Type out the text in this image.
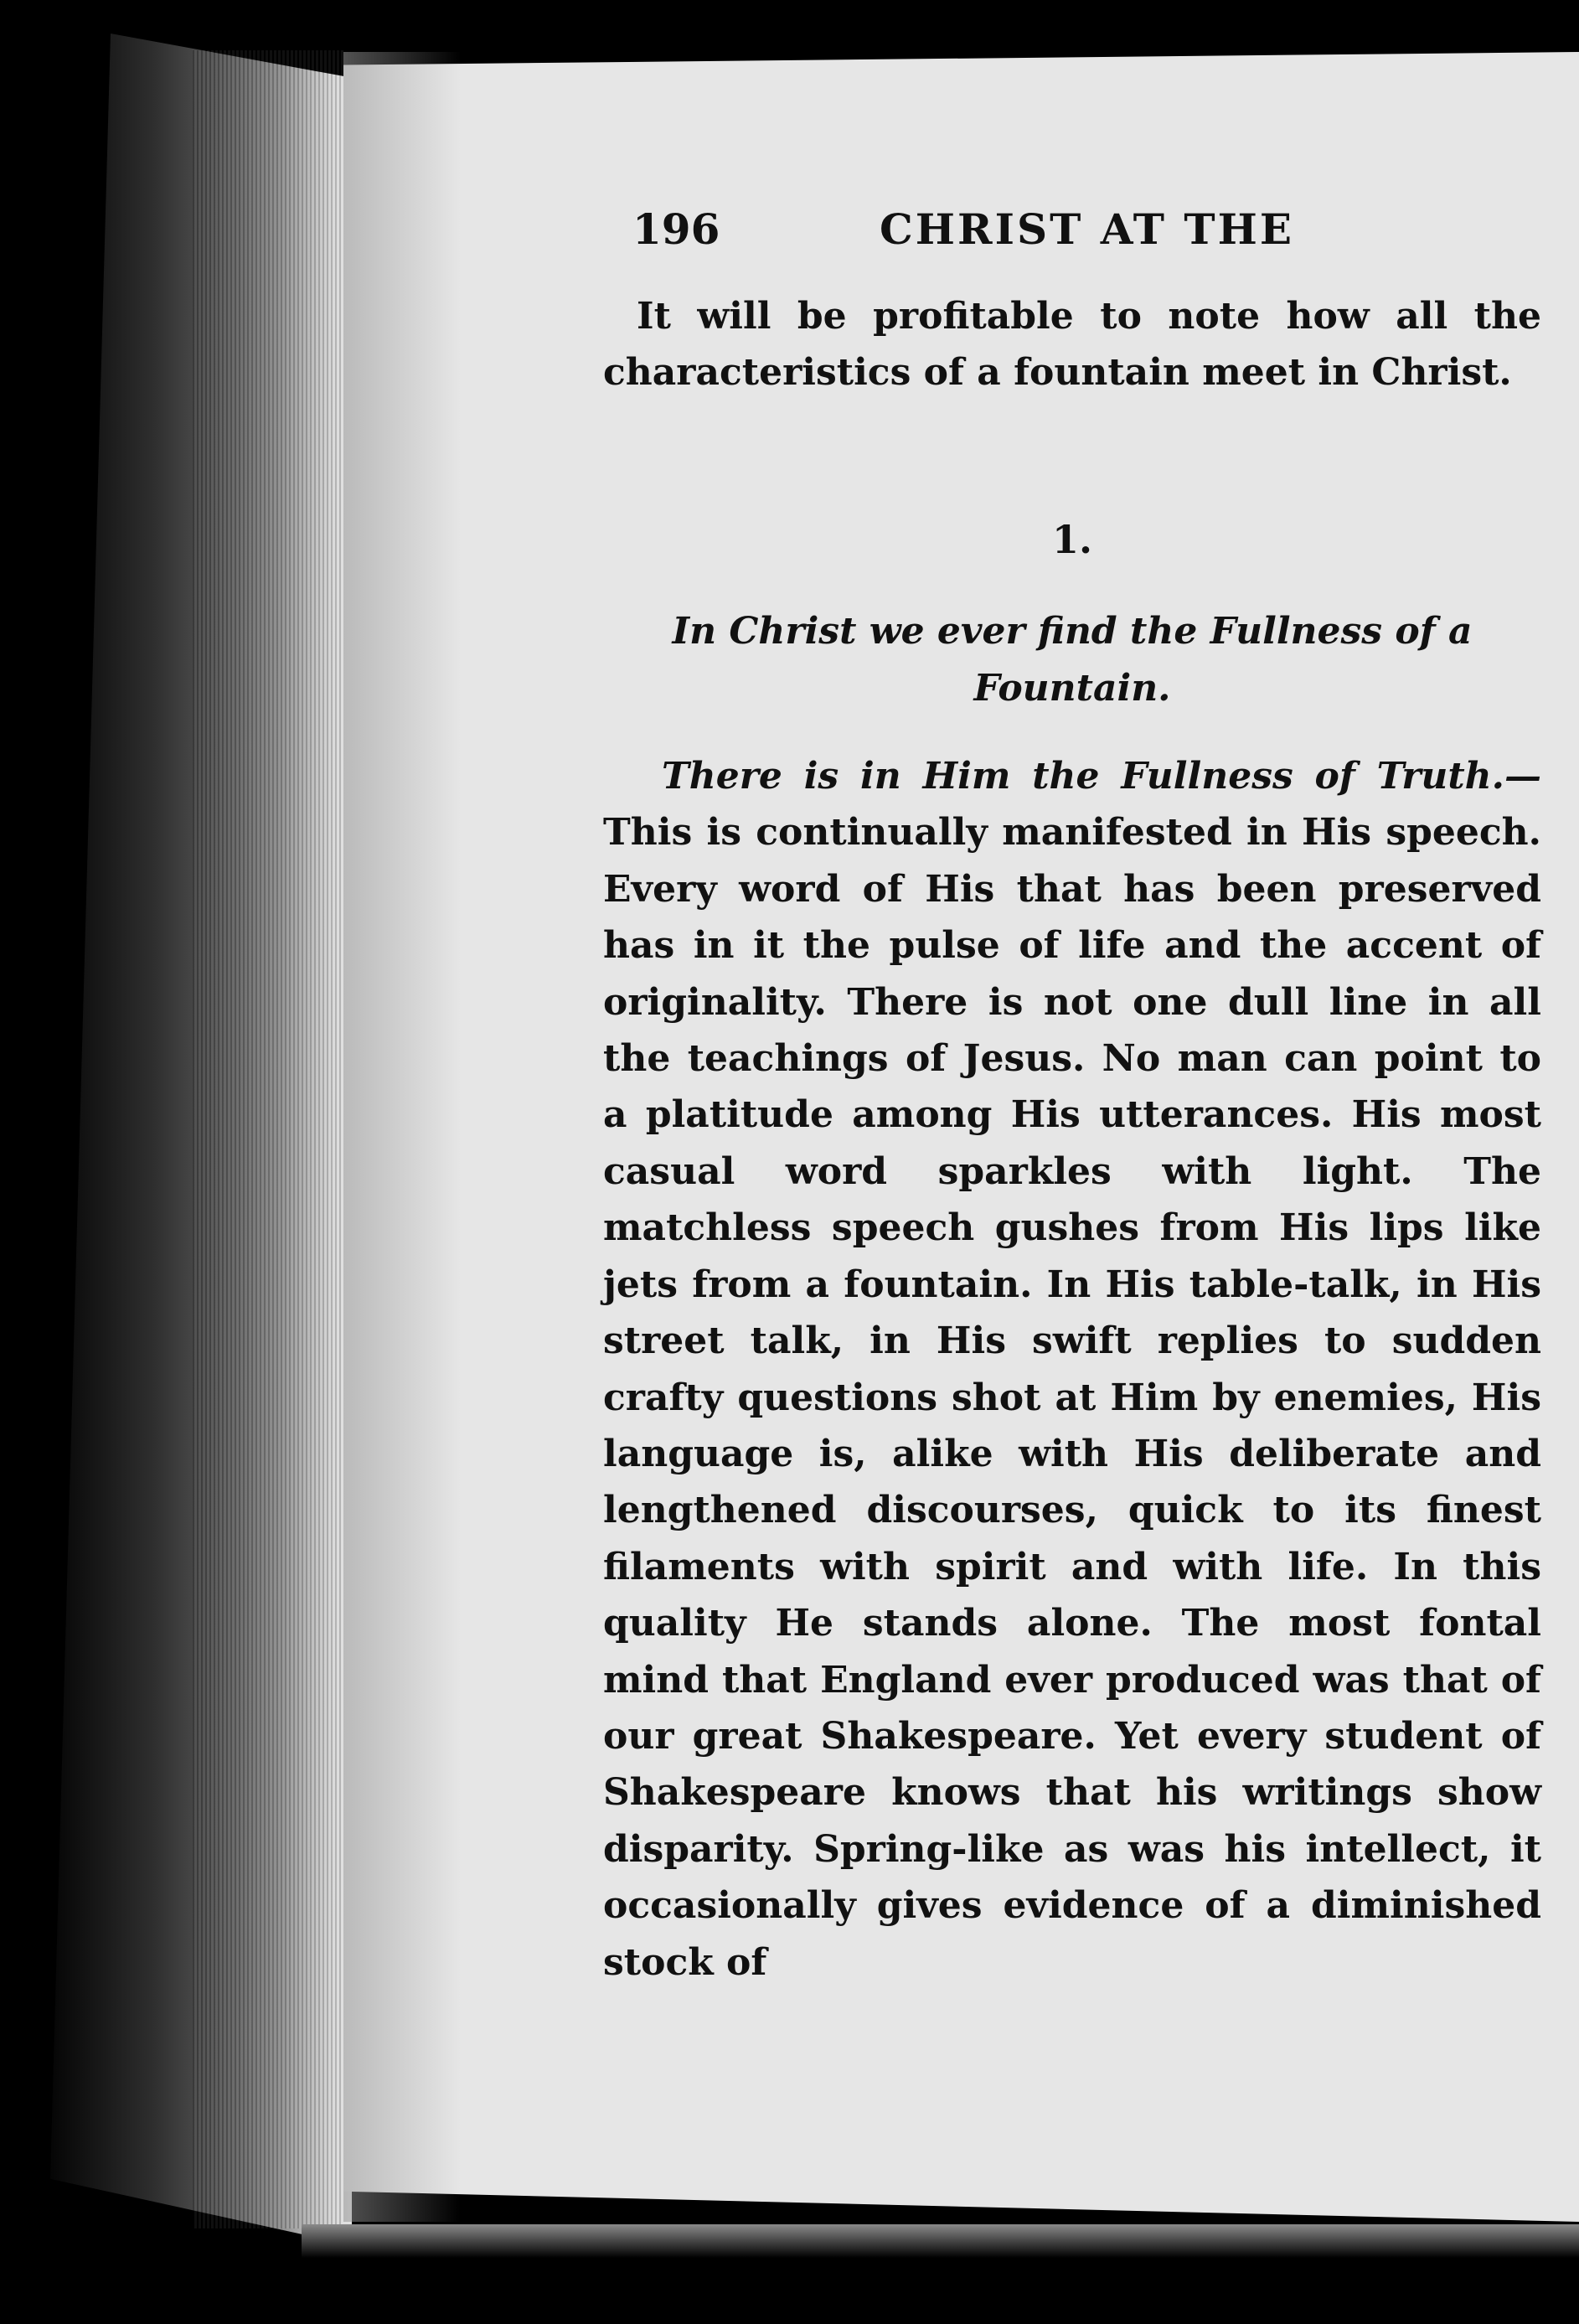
196	CHRIST AT THE

It will be profitable to note how all the characteristics of a fountain meet in Christ.

1.
In Christ we ever find the Fullness of a Fountain.

There is in Him the Fullness of Truth.— This is continually manifested in His speech. Every word of His that has been preserved has in it the pulse of life and the accent of originality. There is not one dull line in all the teachings of Jesus. No man can point to a platitude among His utterances. His most casual word sparkles with light. The matchless speech gushes from His lips like jets from a fountain. In His table-talk, in His street talk, in His swift replies to sudden crafty questions shot at Him by enemies, His language is, alike with His deliberate and lengthened discourses, quick to its finest filaments with spirit and with life. In this quality He stands alone. The most fontal mind that England ever produced was that of our great Shakespeare. Yet every student of Shakespeare knows that his writings show disparity. Spring-like as was his intellect, it occasionally gives evidence of a diminished stock of
